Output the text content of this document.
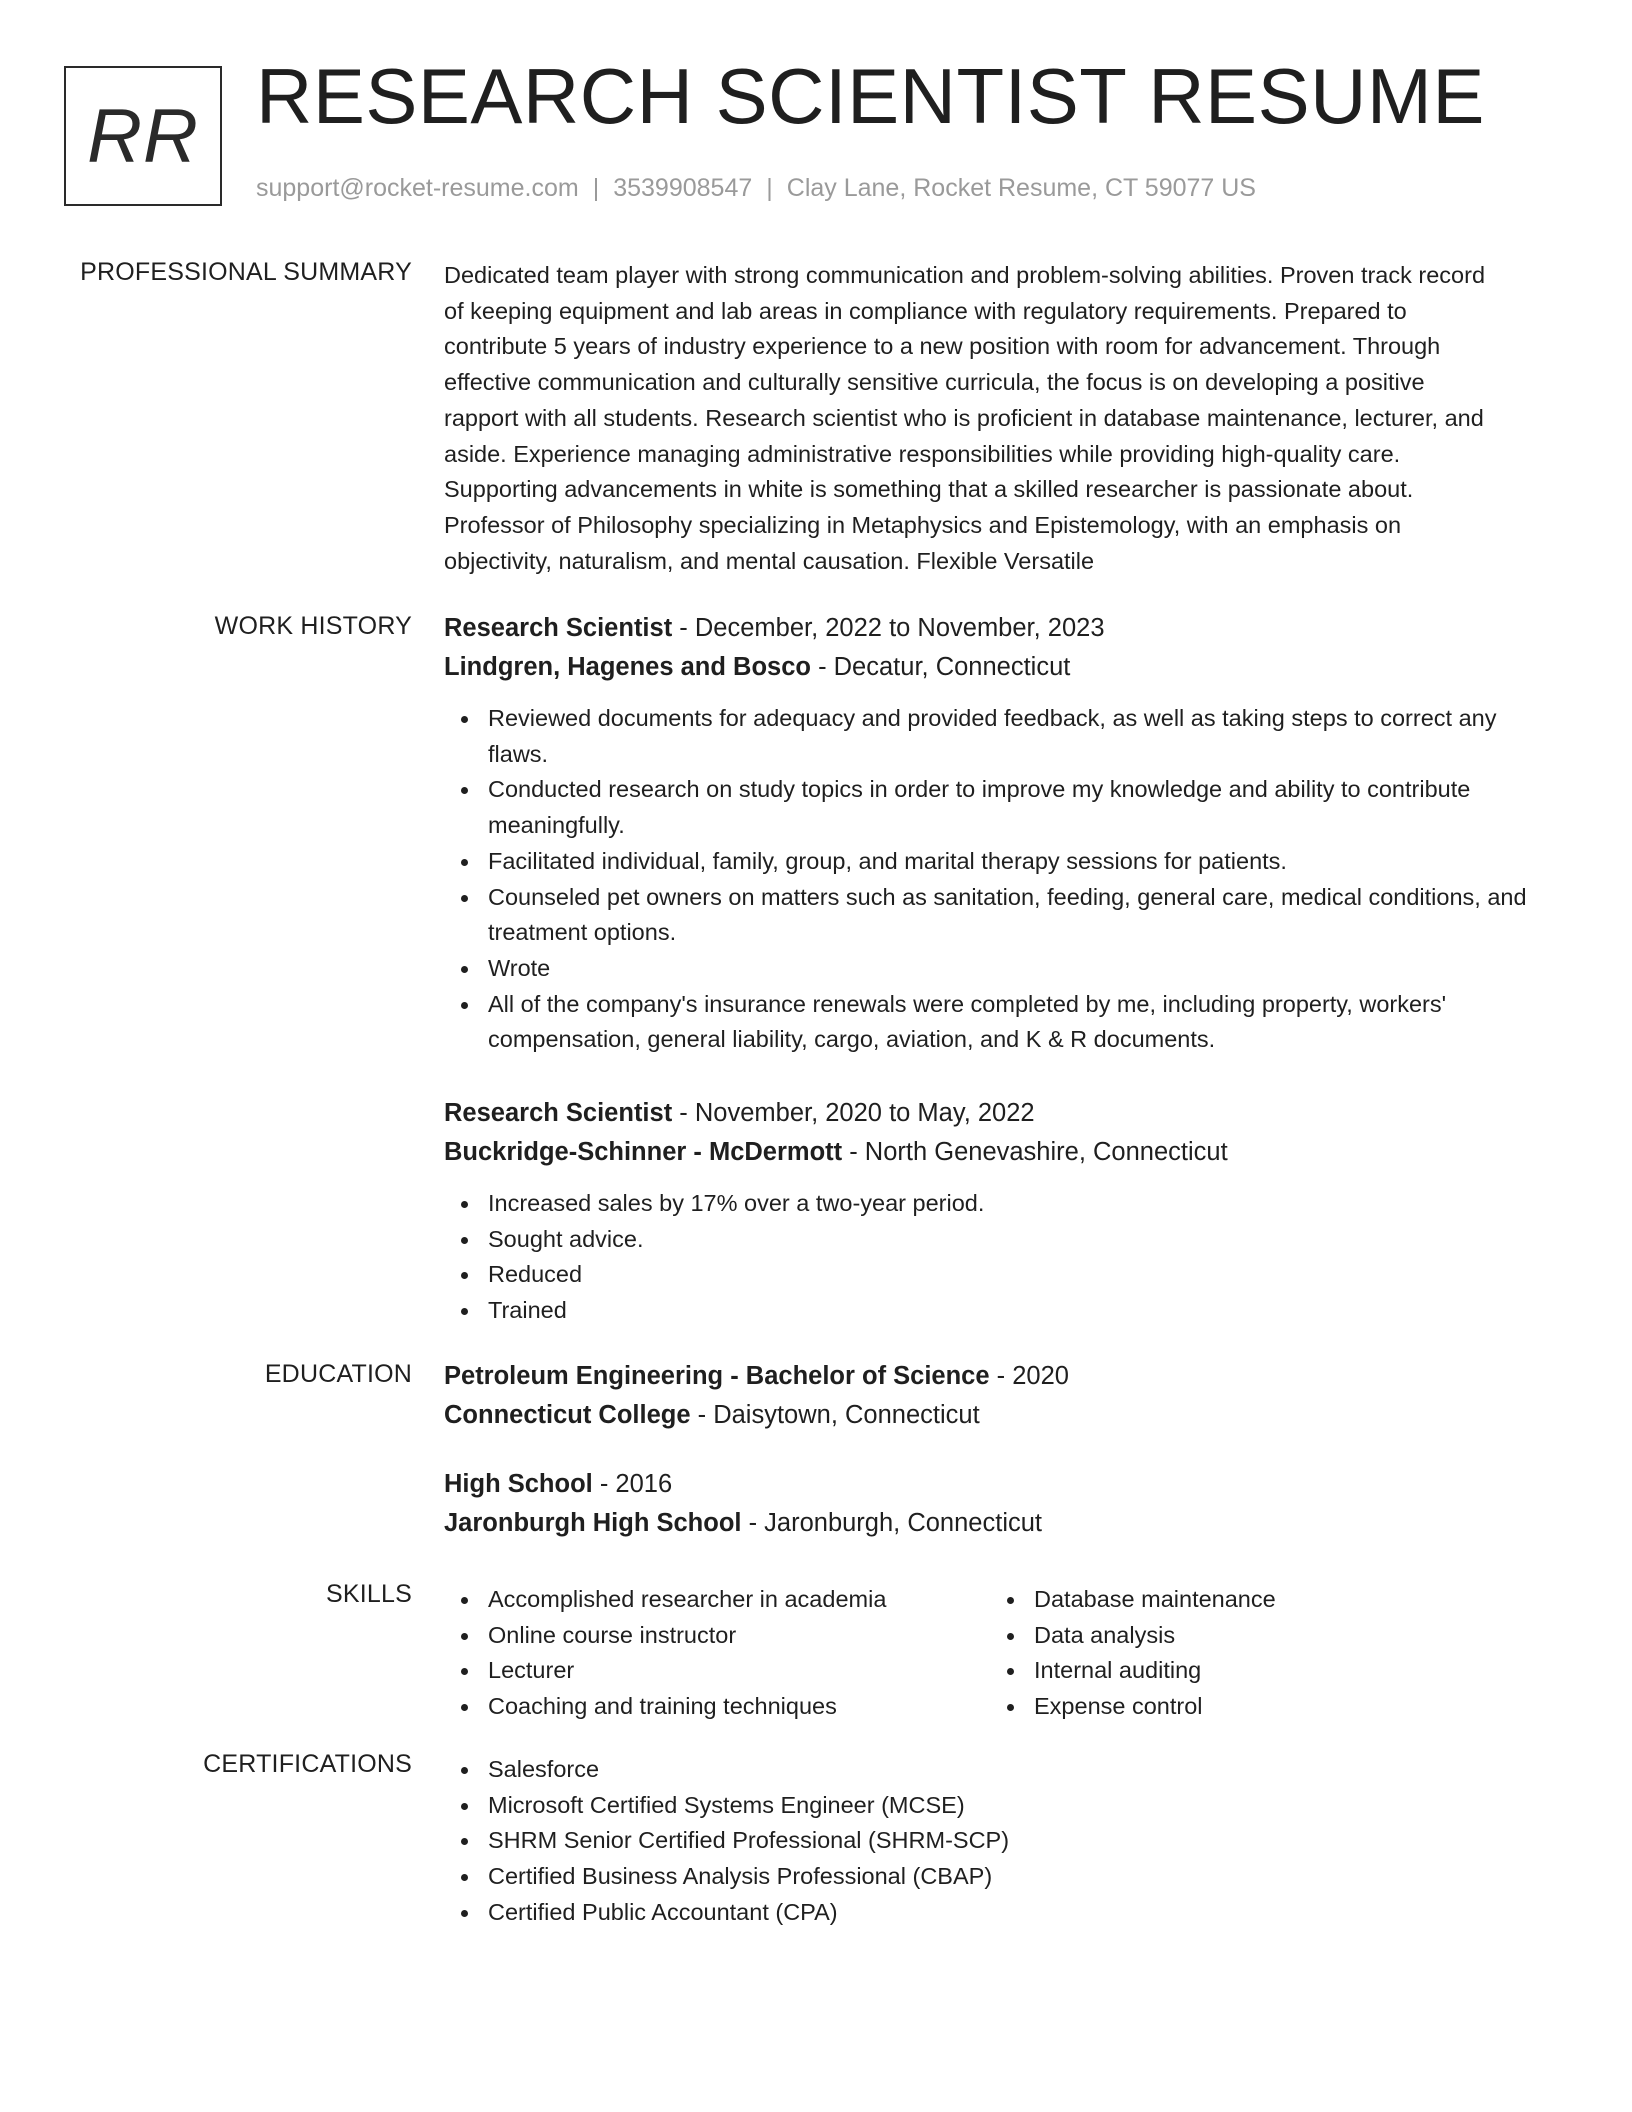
RR RESEARCH SCIENTIST RESUME
support@rocket-resume.com | 3539908547 | Clay Lane, Rocket Resume, CT 59077 US
PROFESSIONAL SUMMARY Dedicated team player with strong communication and problem-solving abilities. Proven track record
of keeping equipment and lab areas in compliance with regulatory requirements. Prepared to
contribute 5 years of industry experience to a new position with room for advancement. Through
effective communication and culturally sensitive curricula, the focus is on developing a positive
rapport with all students. Research scientist who is proficient in database maintenance, lecturer, and
aside. Experience managing administrative responsibilities while providing high-quality care.
Supporting advancements in white is something that a skilled researcher is passionate about.
Professor of Philosophy specializing in Metaphysics and Epistemology, with an emphasis on
objectivity, naturalism, and mental causation. Flexible Versatile
WORK HISTORY Research Scientist - December, 2022 to November, 2023
Lindgren, Hagenes and Bosco - Decatur, Connecticut
Reviewed documents for adequacy and provided feedback, as well as taking steps to correct any flaws.
Conducted research on study topics in order to improve my knowledge and ability to contribute meaningfully.
Facilitated individual, family, group, and marital therapy sessions for patients.
Counseled pet owners on matters such as sanitation, feeding, general care, medical conditions, and treatment options.
Wrote
All of the company's insurance renewals were completed by me, including property, workers' compensation, general liability, cargo, aviation, and K & R documents.
Research Scientist - November, 2020 to May, 2022
Buckridge-Schinner - McDermott - North Genevashire, Connecticut
Increased sales by 17% over a two-year period.
Sought advice.
Reduced
Trained
EDUCATION Petroleum Engineering - Bachelor of Science - 2020
Connecticut College - Daisytown, Connecticut
High School - 2016
Jaronburgh High School - Jaronburgh, Connecticut
SKILLS	Accomplished researcher in academia
Online course instructor
Lecturer
Coaching and training techniques
Database maintenance
Data analysis
Internal auditing
Expense control
CERTIFICATIONS	Salesforce
Microsoft Certified Systems Engineer (MCSE)
SHRM Senior Certified Professional (SHRM-SCP)
Certified Business Analysis Professional (CBAP)
Certified Public Accountant (CPA)
